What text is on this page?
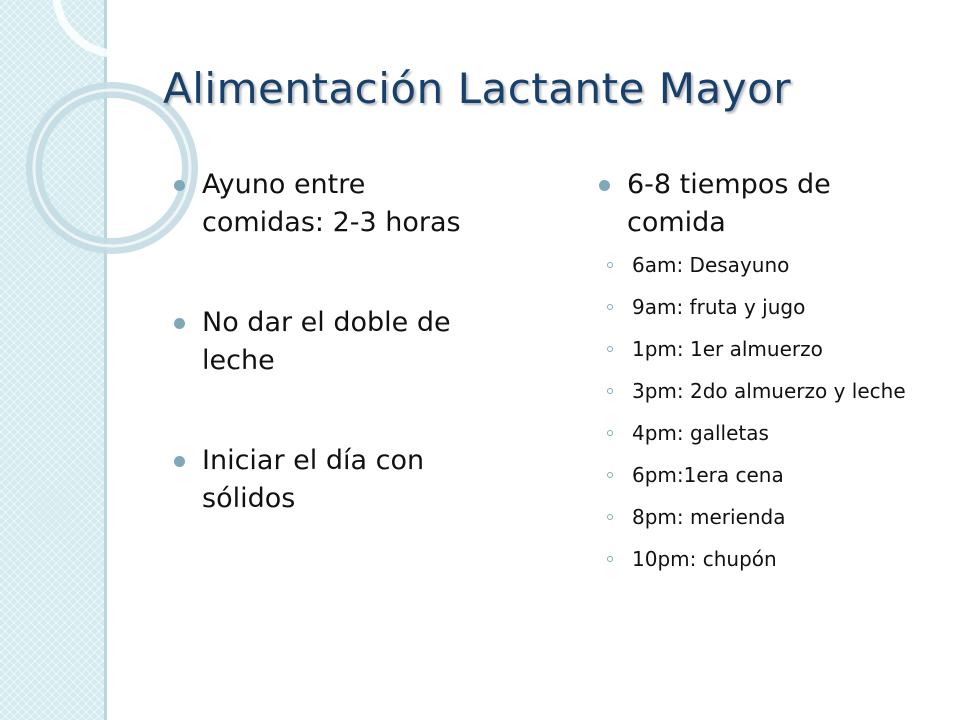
Alimentación Lactante Mayor
Ayuno entre comidas: 2-3 horas
No dar el doble de leche
Iniciar el día con sólidos
6-8 tiempos de comida
6am: Desayuno
9am: fruta y jugo
1pm: 1er almuerzo
3pm: 2do almuerzo y leche
4pm: galletas
6pm:1era cena
8pm: merienda
10pm: chupón
